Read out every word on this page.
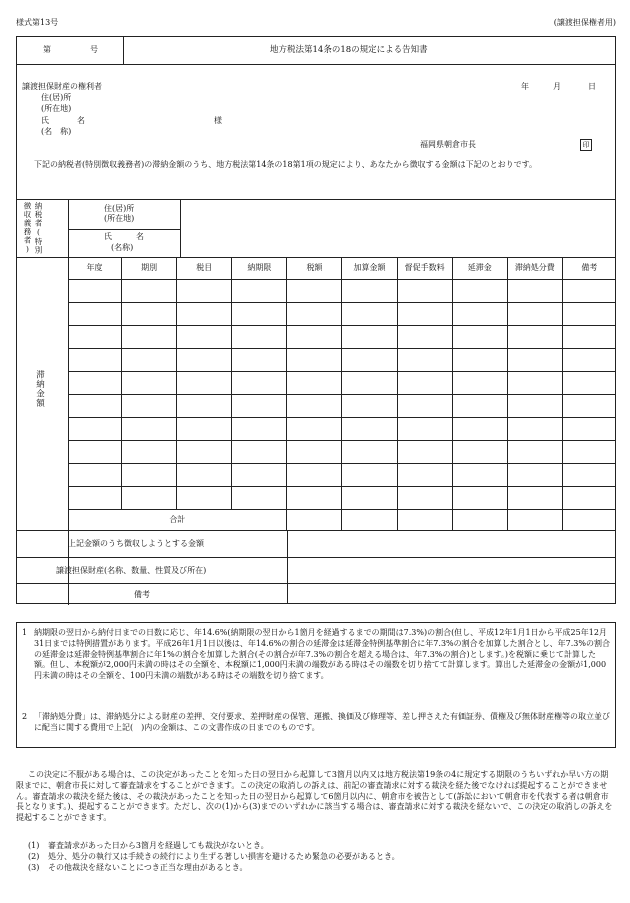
様式第13号	(譲渡担保権者用)
第	号	地方税法第14条の18の規定による告知書
譲渡担保財産の権利者
住(居)所
(所在地)
氏	名
(名　称)
様
年	月	日
福岡県朝倉市長	印
下記の納税者(特別徴収義務者)の滞納金額のうち、地方税法第14条の18第1項の規定により、あなたから徴収する金額は下記のとおりです。
納税者(特別徴収義務者)	住(居)所
(所在地)
氏	名
(名称)
滞納金額
年度	期別	税目	納期限	税額	加算金額	督促手数料	延滞金	滞納処分費	備考

合計									
上記金額のうち徴収しようとする金額
譲渡担保財産(名称、数量、性質及び所在)
備考
1 納期限の翌日から納付日までの日数に応じ、年14.6%(納期限の翌日から1箇月を経過するまでの期間は7.3%)の割合(但し、平成12年1月1日から平成25年12月31日までは特例措置があります。平成26年1月1日以後は、年14.6%の割合の延滞金は延滞金特例基準割合に年7.3%の割合を加算した割合とし、年7.3%の割合の延滞金は延滞金特例基準割合に年1%の割合を加算した割合(その割合が年7.3%の割合を超える場合は、年7.3%の割合)とします。)を税額に乗じて計算した額。但し、本税額が2,000円未満の時はその全額を、本税額に1,000円未満の端数がある時はその端数を切り捨てて計算します。算出した延滞金の金額が1,000円未満の時はその全額を、100円未満の端数がある時はその端数を切り捨てます。
2 「滞納処分費」は、滞納処分による財産の差押、交付要求、差押財産の保管、運搬、換価及び修理等、差し押さえた有価証券、債権及び無体財産権等の取立並びに配当に関する費用で上記(　)内の金額は、この文書作成の日までのものです。
この決定に不服がある場合は、この決定があったことを知った日の翌日から起算して3箇月以内又は地方税法第19条の4に規定する期限のうちいずれか早い方の期限までに、朝倉市長に対して審査請求をすることができます。この決定の取消しの訴えは、前記の審査請求に対する裁決を経た後でなければ提起することができません。審査請求の裁決を経た後は、その裁決があったことを知った日の翌日から起算して6箇月以内に、朝倉市を被告として(訴訟において朝倉市を代表する者は朝倉市長となります。)、提起することができます。ただし、次の(1)から(3)までのいずれかに該当する場合は、審査請求に対する裁決を経ないで、この決定の取消しの訴えを提起することができます。
(1) 審査請求があった日から3箇月を経過しても裁決がないとき。
(2) 処分、処分の執行又は手続きの続行により生ずる著しい損害を避けるため緊急の必要があるとき。
(3) その他裁決を経ないことにつき正当な理由があるとき。
